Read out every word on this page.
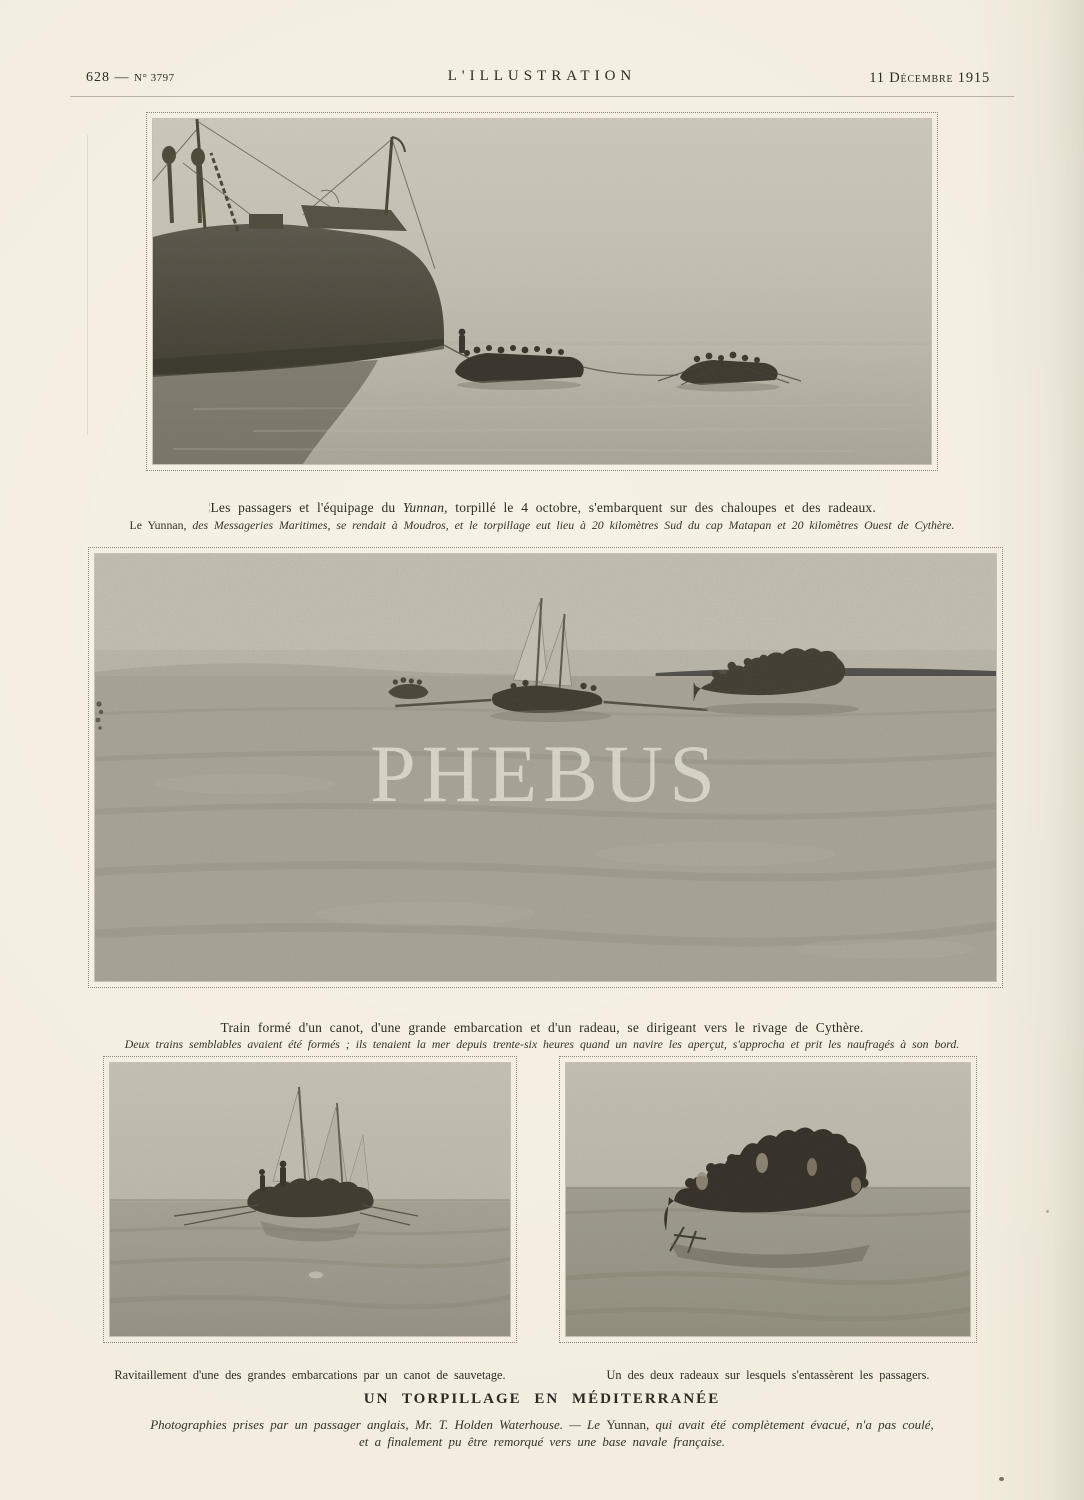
628 — N° 3797	L'ILLUSTRATION	11 Décembre 1915

¦Les passagers et l'équipage du Yunnan, torpillé le 4 octobre, s'embarquent sur des chaloupes et des radeaux.

Le Yunnan, des Messageries Maritimes, se rendait à Moudros, et le torpillage eut lieu à 20 kilomètres Sud du cap Matapan et 20 kilomètres Ouest de Cythère.

PHEBUS

Train formé d'un canot, d'une grande embarcation et d'un radeau, se dirigeant vers le rivage de Cythère.

Deux trains semblables avaient été formés ; ils tenaient la mer depuis trente-six heures quand un navire les aperçut, s'approcha et prit les naufragés à son bord.

Ravitaillement d'une des grandes embarcations par un canot de sauvetage.	Un des deux radeaux sur lesquels s'entassèrent les passagers.

UN TORPILLAGE EN MÉDITERRANÉE

Photographies prises par un passager anglais, Mr. T. Holden Waterhouse. — Le Yunnan, qui avait été complètement évacué, n'a pas coulé,
et a finalement pu être remorqué vers une base navale française.
